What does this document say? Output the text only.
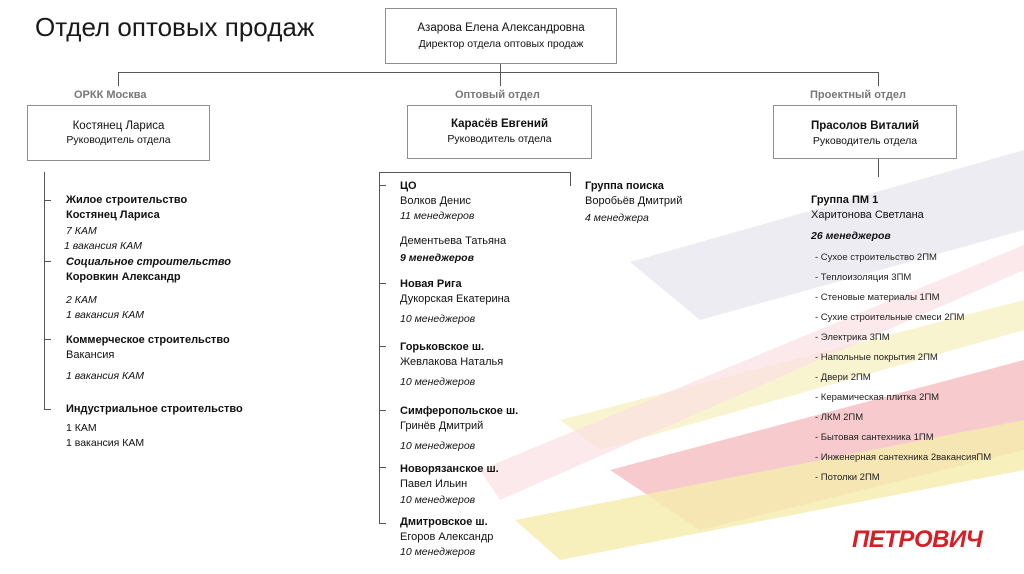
Отдел оптовых продаж	Азарова Елена Александровна
Директор отдела оптовых продаж
ОРКК Москва	Оптовый отдел	Проектный отдел
Костянец Лариса
Руководитель отдела
Карасёв Евгений
Руководитель отдела
Прасолов Виталий
Руководитель отдела
Жилое строительство
Костянец Лариса
7 КАМ
1 вакансия КАМ
Социальное строительство
Коровкин Александр
2 КАМ
1 вакансия КАМ
Коммерческое строительство
Вакансия
1 вакансия КАМ
Индустриальное строительство
1 КАМ
1 вакансия КАМ
ЦО
Волков Денис
11 менеджеров
Дементьева Татьяна
9 менеджеров
Новая Рига
Дукорская Екатерина
10 менеджеров
Горьковское ш.
Жевлакова Наталья
10 менеджеров
Симферопольское ш.
Гринёв Дмитрий
10 менеджеров
Новорязанское ш.
Павел Ильин
10 менеджеров
Дмитровское ш.
Егоров Александр
10 менеджеров
Группа поиска
Воробьёв Дмитрий
4 менеджера
Группа ПМ 1
Харитонова Светлана
26 менеджеров
- Сухое строительство 2ПМ
- Теплоизоляция 3ПМ
- Стеновые материалы 1ПМ
- Сухие строительные смеси 2ПМ
- Электрика 3ПМ
- Напольные покрытия 2ПМ
- Двери 2ПМ
- Керамическая плитка 2ПМ
- ЛКМ 2ПМ
- Бытовая сантехника 1ПМ
- Инженерная сантехника 2вакансияПМ
- Потолки 2ПМ
ПЕТРОВИЧ
